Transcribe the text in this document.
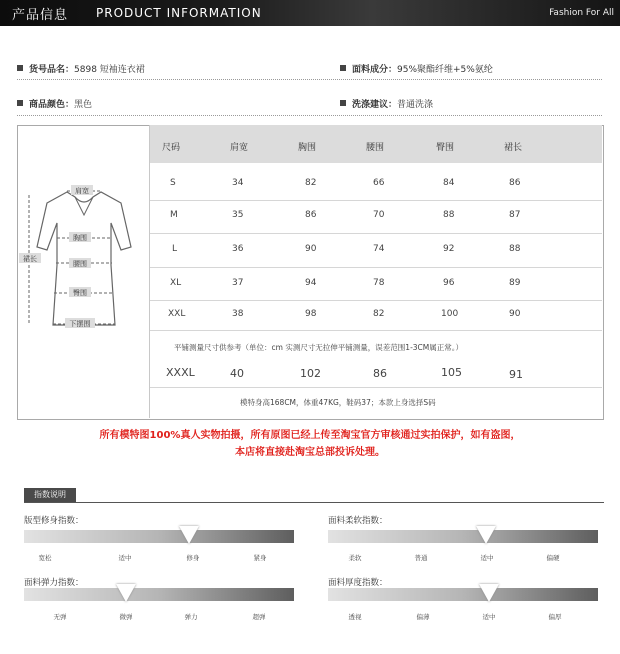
产品信息 PRODUCT INFORMATION	Fashion For All
货号品名：5898 短袖连衣裙	面料成分：95%聚酯纤维+5%氨纶
商品颜色：黑色	洗涤建议：普通洗涤
肩宽
胸围
腰围
臀围
下摆围
裙长
尺码	肩宽	胸围	腰围	臀围	裙长
S	34	82	66	84	86
M	35	86	70	88	87
L	36	90	74	92	88
XL	37	94	78	96	89
XXL	38	98	82	100	90
平铺测量尺寸供参考（单位：cm 实测尺寸无拉伸平铺测量，误差范围1-3CM属正常。）
XXXL	40	102	86	105	91
模特身高168CM，体重47KG，鞋码37；本款上身选择S码
所有模特图100%真人实物拍摄，所有原图已经上传至淘宝官方审核通过实拍保护，如有盗图，
本店将直接赴淘宝总部投诉处理。
指数说明
版型修身指数：
宽松	适中	修身	紧身
面料柔软指数：
柔软	普通	适中	偏硬
面料弹力指数：
无弹	微弹	弹力	超弹
面料厚度指数：
透视	偏薄	适中	偏厚
